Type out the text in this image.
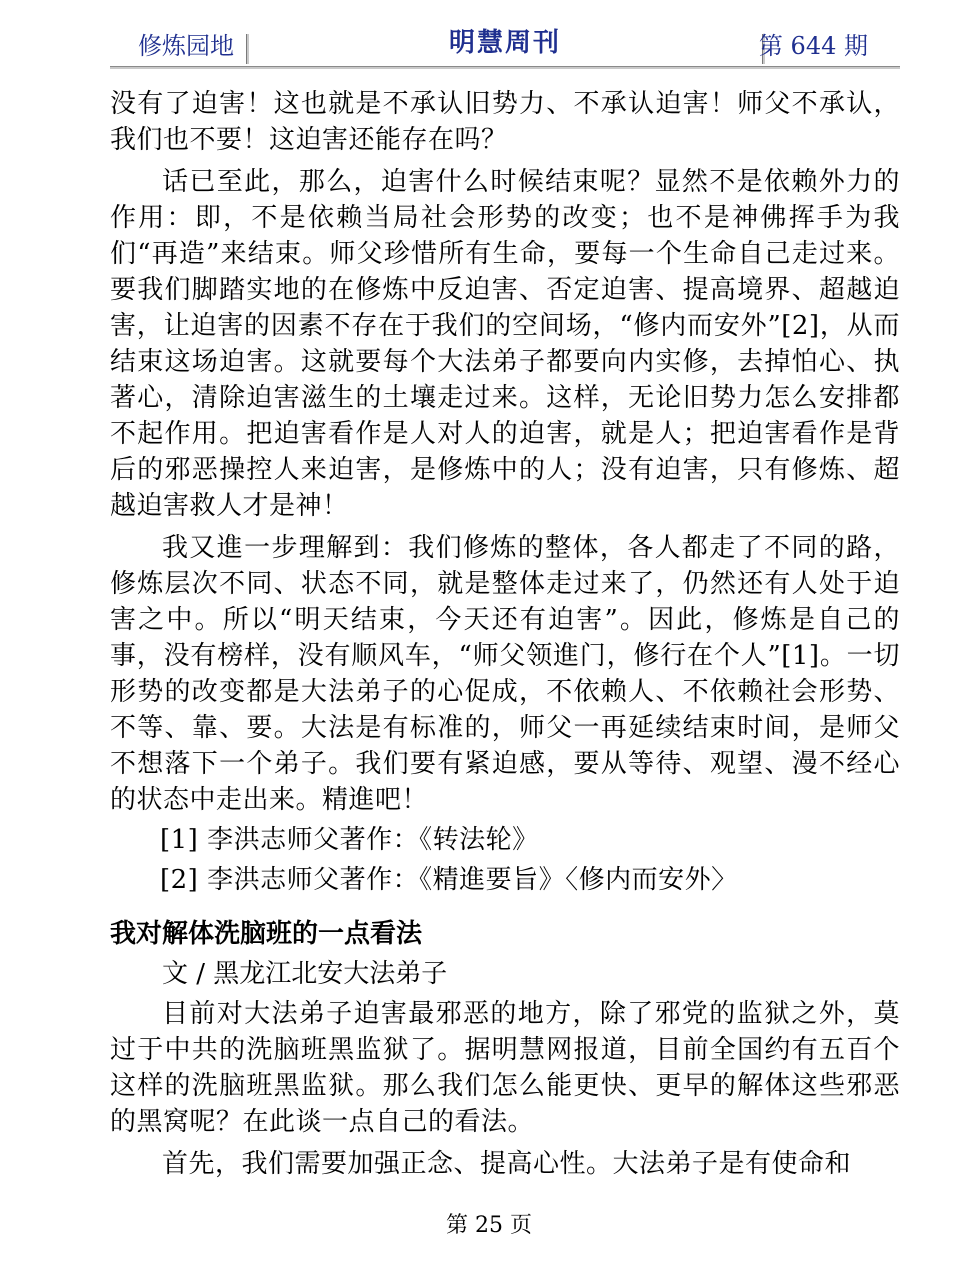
修炼园地	明慧周刊	第 644 期

没有了迫害！这也就是不承认旧势力、不承认迫害！师父不承认，我们也不要！这迫害还能存在吗？

话已至此，那么，迫害什么时候结束呢？显然不是依赖外力的作用：即，不是依赖当局社会形势的改变；也不是神佛挥手为我们“再造”来结束。师父珍惜所有生命，要每一个生命自己走过来。要我们脚踏实地的在修炼中反迫害、否定迫害、提高境界、超越迫害，让迫害的因素不存在于我们的空间场，“修内而安外”[2]，从而结束这场迫害。这就要每个大法弟子都要向内实修，去掉怕心、执著心，清除迫害滋生的土壤走过来。这样，无论旧势力怎么安排都不起作用。把迫害看作是人对人的迫害，就是人；把迫害看作是背后的邪恶操控人来迫害，是修炼中的人；没有迫害，只有修炼、超越迫害救人才是神！

我又進一步理解到：我们修炼的整体，各人都走了不同的路，修炼层次不同、状态不同，就是整体走过来了，仍然还有人处于迫害之中。所以“明天结束，今天还有迫害”。因此，修炼是自己的事，没有榜样，没有顺风车，“师父领進门，修行在个人”[1]。一切形势的改变都是大法弟子的心促成，不依赖人、不依赖社会形势、不等、靠、要。大法是有标准的，师父一再延续结束时间，是师父不想落下一个弟子。我们要有紧迫感，要从等待、观望、漫不经心的状态中走出来。精進吧！

[1] 李洪志师父著作：《转法轮》

[2] 李洪志师父著作：《精進要旨》〈修内而安外〉

我对解体洗脑班的一点看法

文 / 黑龙江北安大法弟子

目前对大法弟子迫害最邪恶的地方，除了邪党的监狱之外，莫过于中共的洗脑班黑监狱了。据明慧网报道，目前全国约有五百个这样的洗脑班黑监狱。那么我们怎么能更快、更早的解体这些邪恶的黑窝呢？在此谈一点自己的看法。

首先，我们需要加强正念、提高心性。大法弟子是有使命和

第 25 页
